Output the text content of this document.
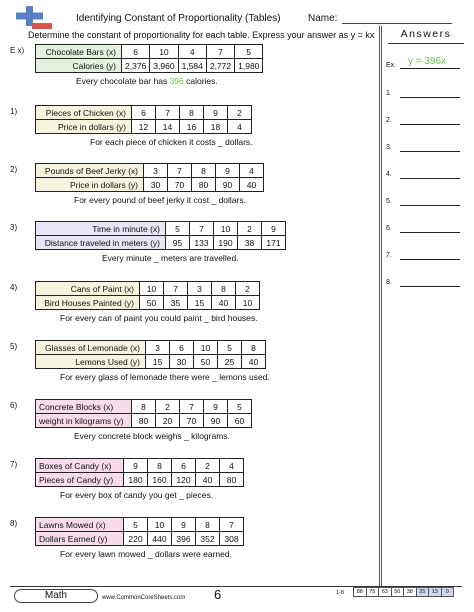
Identifying Constant of Proportionality (Tables)	Name:
Determine the constant of proportionality for each table. Express your answer as y = kx
E x)	Chocolate Bars (x)	6	10	4	7	5
Calories (y)	2,376	3,960	1,584	2,772	1,980
Every chocolate bar has 396 calories.
1)	Pieces of Chicken (x)	6	7	8	9	2
Price in dollars (y)	12	14	16	18	4
For each piece of chicken it costs _ dollars.
2)	Pounds of Beef Jerky (x)	3	7	8	9	4
Price in dollars (y)	30	70	80	90	40
For every pound of beef jerky it cost _ dollars.
3)	Time in minute (x)	5	7	10	2	9
Distance traveled in meters (y)	95	133	190	38	171
Every minute _ meters are travelled.
4)	Cans of Paint (x)	10	7	3	8	2
Bird Houses Painted (y)	50	35	15	40	10
For every can of paint you could paint _ bird houses.
5)	Glasses of Lemonade (x)	3	6	10	5	8
Lemons Used (y)	15	30	50	25	40
For every glass of lemonade there were _ lemons used.
6)	Concrete Blocks (x)	8	2	7	9	5
weight in kilograms (y)	80	20	70	90	60
Every concrete block weighs _ kilograms.
7)	Boxes of Candy (x)	9	8	6	2	4
Pieces of Candy (y)	180	160	120	40	80
For every box of candy you get _ pieces.
8)	Lawns Mowed (x)	5	10	9	8	7
Dollars Earned (y)	220	440	396	352	308
For every lawn mowed _ dollars were earned.
Answers
Ex. y = 396x
1.
2.
3.
4.
5.
6.
7.
8.
Math	www.CommonCoreSheets.com 6	1-8 88	75	63	50	38	25	13	0
